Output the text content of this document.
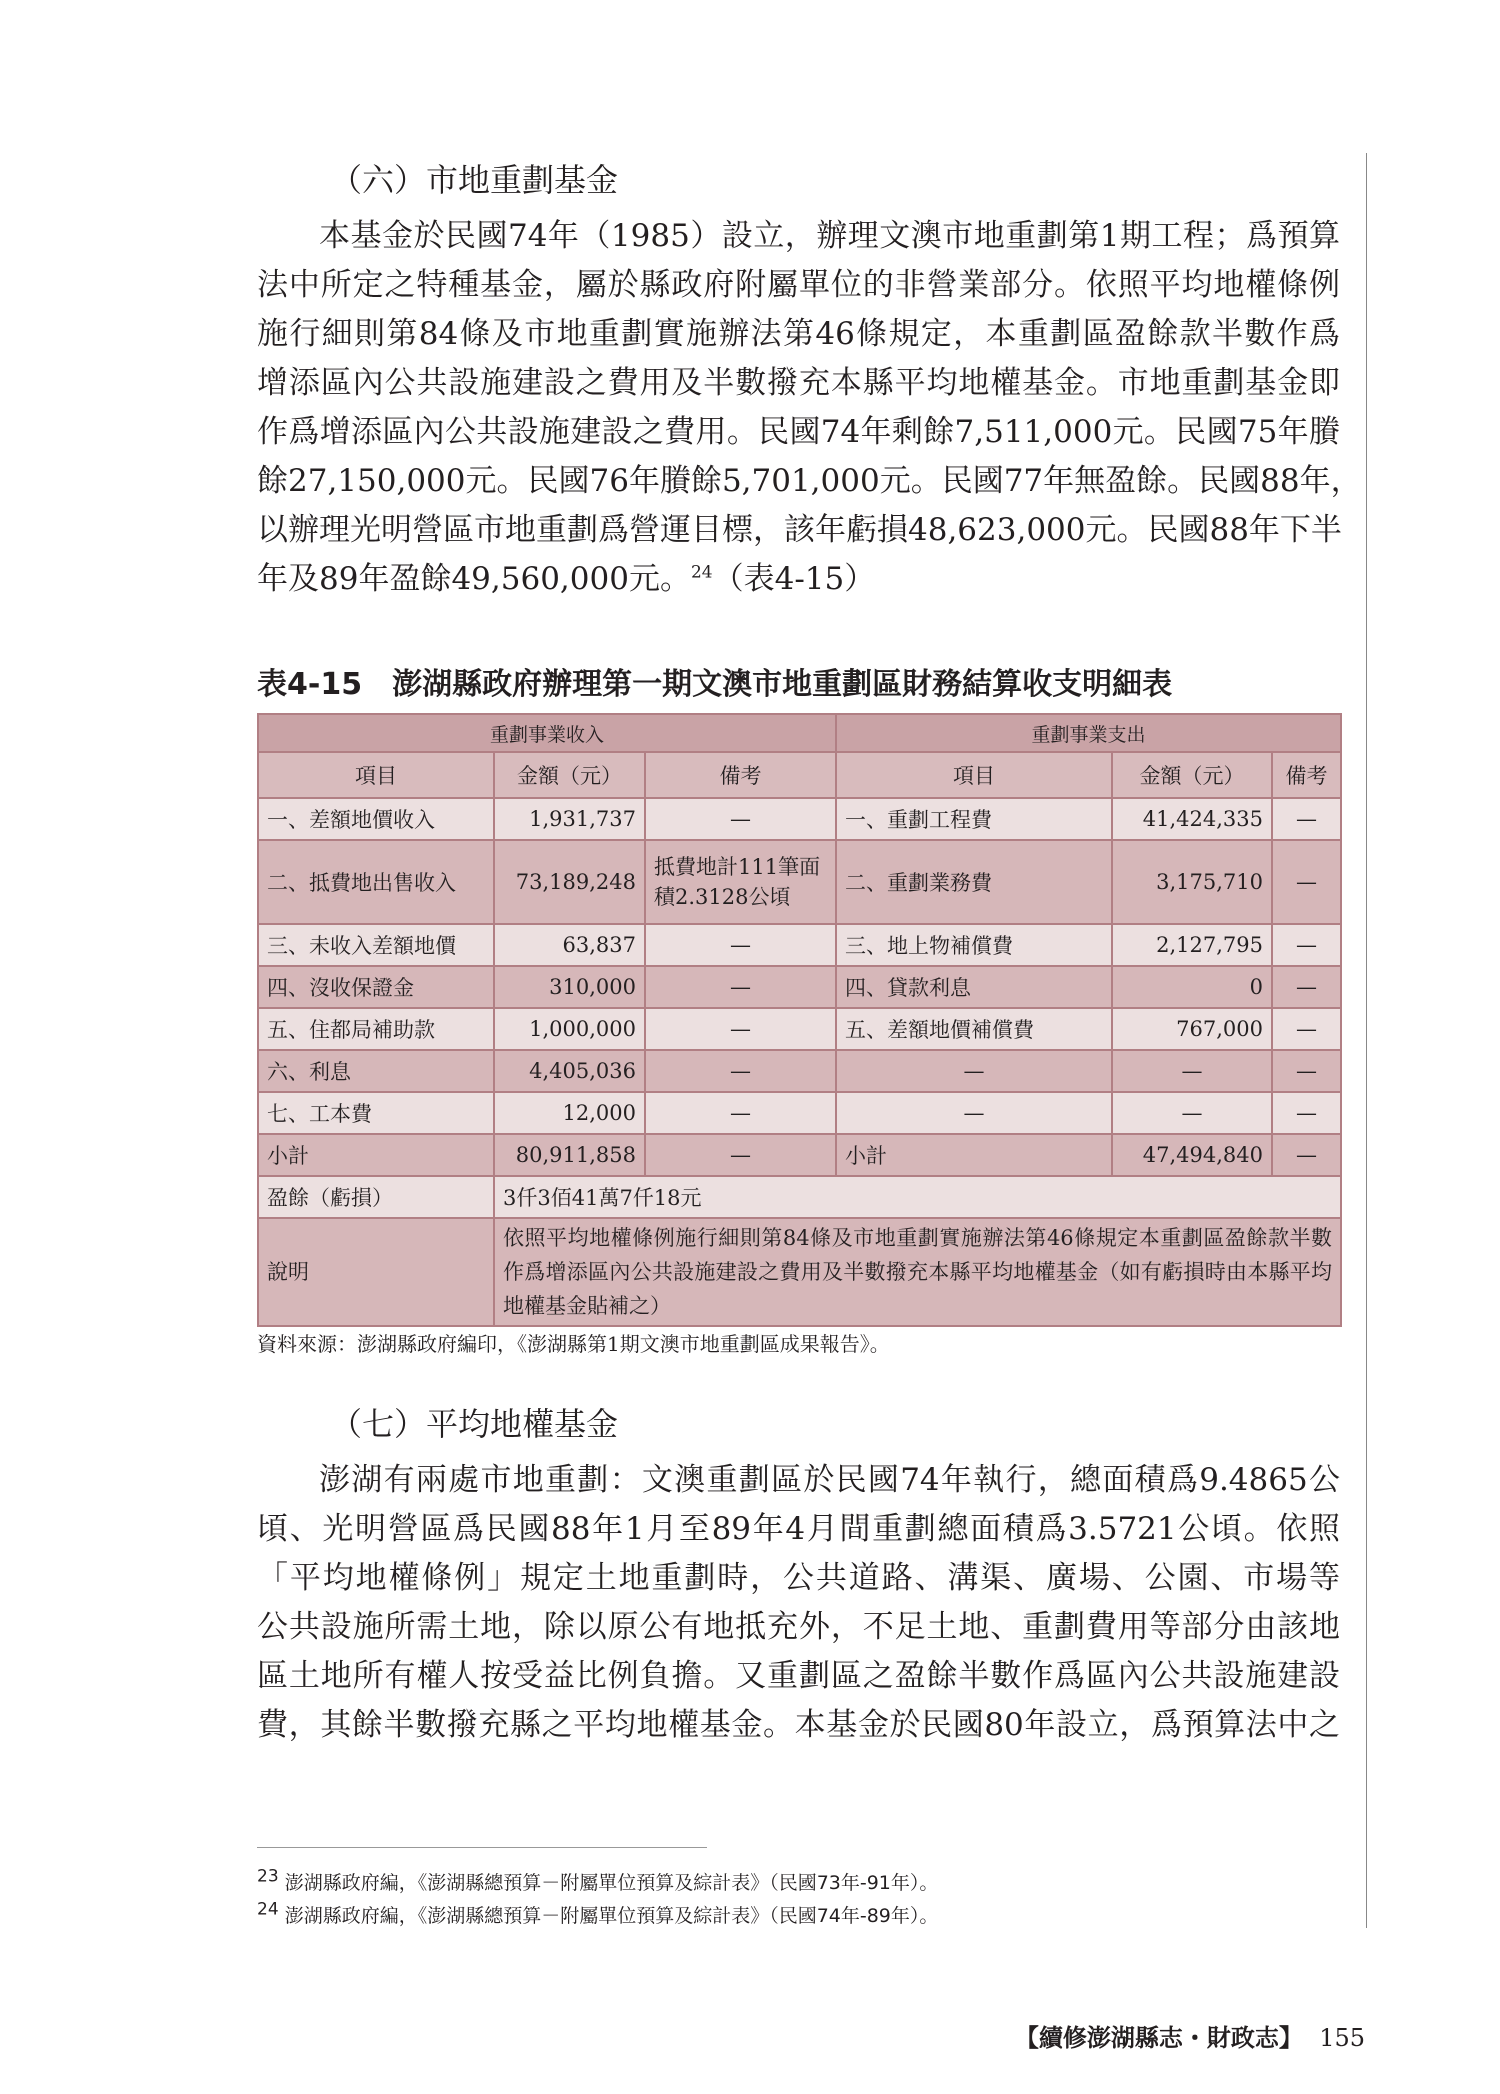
（六）市地重劃基金
本基金於民國74年（1985）設立，辦理文澳市地重劃第1期工程；爲預算
法中所定之特種基金，屬於縣政府附屬單位的非營業部分。依照平均地權條例
施行細則第84條及市地重劃實施辦法第46條規定，本重劃區盈餘款半數作爲
增添區內公共設施建設之費用及半數撥充本縣平均地權基金。市地重劃基金即
作爲增添區內公共設施建設之費用。民國74年剩餘7,511,000元。民國75年賸
餘27,150,000元。民國76年賸餘5,701,000元。民國77年無盈餘。民國88年，
以辦理光明營區市地重劃爲營運目標，該年虧損48,623,000元。民國88年下半
年及89年盈餘49,560,000元。$^{24}$（表4-15）
表4-15 澎湖縣政府辦理第一期文澳市地重劃區財務結算收支明細表
重劃事業收入			重劃事業支出		
項目	金額（元）	備考	項目	金額（元）	備考
一、差額地價收入	1,931,737	—	一、重劃工程費	41,424,335	—
二、抵費地出售收入	73,189,248	抵費地計111筆面積2.3128公頃	二、重劃業務費	3,175,710	—
三、未收入差額地價	63,837	—	三、地上物補償費	2,127,795	—
四、沒收保證金	310,000	—	四、貸款利息	0	—
五、住都局補助款	1,000,000	—	五、差額地價補償費	767,000	—
六、利息	4,405,036	—	—	—	—
七、工本費	12,000	—	—	—	—
小計	80,911,858	—	小計	47,494,840	—
盈餘（虧損）	3仟3佰41萬7仟18元				
說明	依照平均地權條例施行細則第84條及市地重劃實施辦法第46條規定本重劃區盈餘款半數作爲增添區內公共設施建設之費用及半數撥充本縣平均地權基金（如有虧損時由本縣平均地權基金貼補之）				
資料來源：澎湖縣政府編印，《澎湖縣第1期文澳市地重劃區成果報告》。
（七）平均地權基金
澎湖有兩處市地重劃：文澳重劃區於民國74年執行，總面積爲9.4865公
頃、光明營區爲民國88年1月至89年4月間重劃總面積爲3.5721公頃。依照
「平均地權條例」規定土地重劃時，公共道路、溝渠、廣場、公園、市場等
公共設施所需土地，除以原公有地抵充外，不足土地、重劃費用等部分由該地
區土地所有權人按受益比例負擔。又重劃區之盈餘半數作爲區內公共設施建設
費，其餘半數撥充縣之平均地權基金。本基金於民國80年設立，爲預算法中之
$^{23}$ 澎湖縣政府編，《澎湖縣總預算－附屬單位預算及綜計表》（民國73年-91年）。
$^{24}$ 澎湖縣政府編，《澎湖縣總預算－附屬單位預算及綜計表》（民國74年-89年）。
【續修澎湖縣志・財政志】 155
